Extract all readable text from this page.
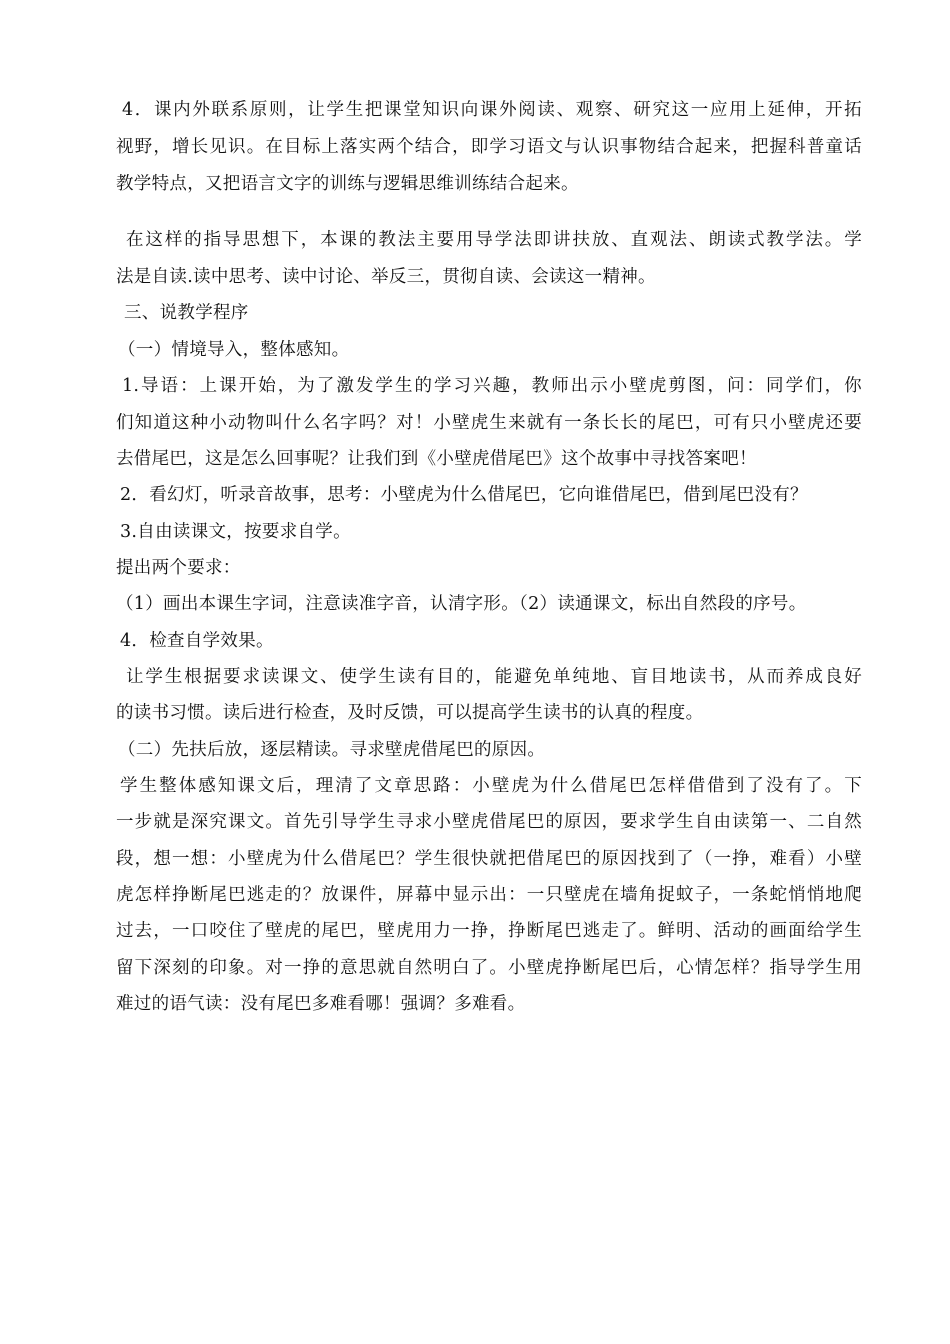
4．课内外联系原则，让学生把课堂知识向课外阅读、观察、研究这一应用上延伸，开拓
视野，增长见识。在目标上落实两个结合，即学习语文与认识事物结合起来，把握科普童话
教学特点，又把语言文字的训练与逻辑思维训练结合起来。
在这样的指导思想下，本课的教法主要用导学法即讲扶放、直观法、朗读式教学法。学
法是自读.读中思考、读中讨论、举反三，贯彻自读、会读这一精神。
三、说教学程序
（一）情境导入，整体感知。
1.导语：上课开始，为了激发学生的学习兴趣，教师出示小壁虎剪图，问：同学们，你
们知道这种小动物叫什么名字吗？对！小壁虎生来就有一条长长的尾巴，可有只小壁虎还要
去借尾巴，这是怎么回事呢？让我们到《小壁虎借尾巴》这个故事中寻找答案吧！
2．看幻灯，听录音故事，思考：小壁虎为什么借尾巴，它向谁借尾巴，借到尾巴没有？
3.自由读课文，按要求自学。
提出两个要求：
（1）画出本课生字词，注意读准字音，认清字形。（2）读通课文，标出自然段的序号。
4．检查自学效果。
让学生根据要求读课文、使学生读有目的，能避免单纯地、盲目地读书，从而养成良好
的读书习惯。读后进行检查，及时反馈，可以提高学生读书的认真的程度。
（二）先扶后放，逐层精读。寻求壁虎借尾巴的原因。
学生整体感知课文后，理清了文章思路：小壁虎为什么借尾巴怎样借借到了没有了。下
一步就是深究课文。首先引导学生寻求小壁虎借尾巴的原因，要求学生自由读第一、二自然
段，想一想：小壁虎为什么借尾巴？学生很快就把借尾巴的原因找到了（一挣，难看）小壁
虎怎样挣断尾巴逃走的？放课件，屏幕中显示出：一只壁虎在墙角捉蚊子，一条蛇悄悄地爬
过去，一口咬住了壁虎的尾巴，壁虎用力一挣，挣断尾巴逃走了。鲜明、活动的画面给学生
留下深刻的印象。对一挣的意思就自然明白了。小壁虎挣断尾巴后，心情怎样？指导学生用
难过的语气读：没有尾巴多难看哪！强调？多难看。
